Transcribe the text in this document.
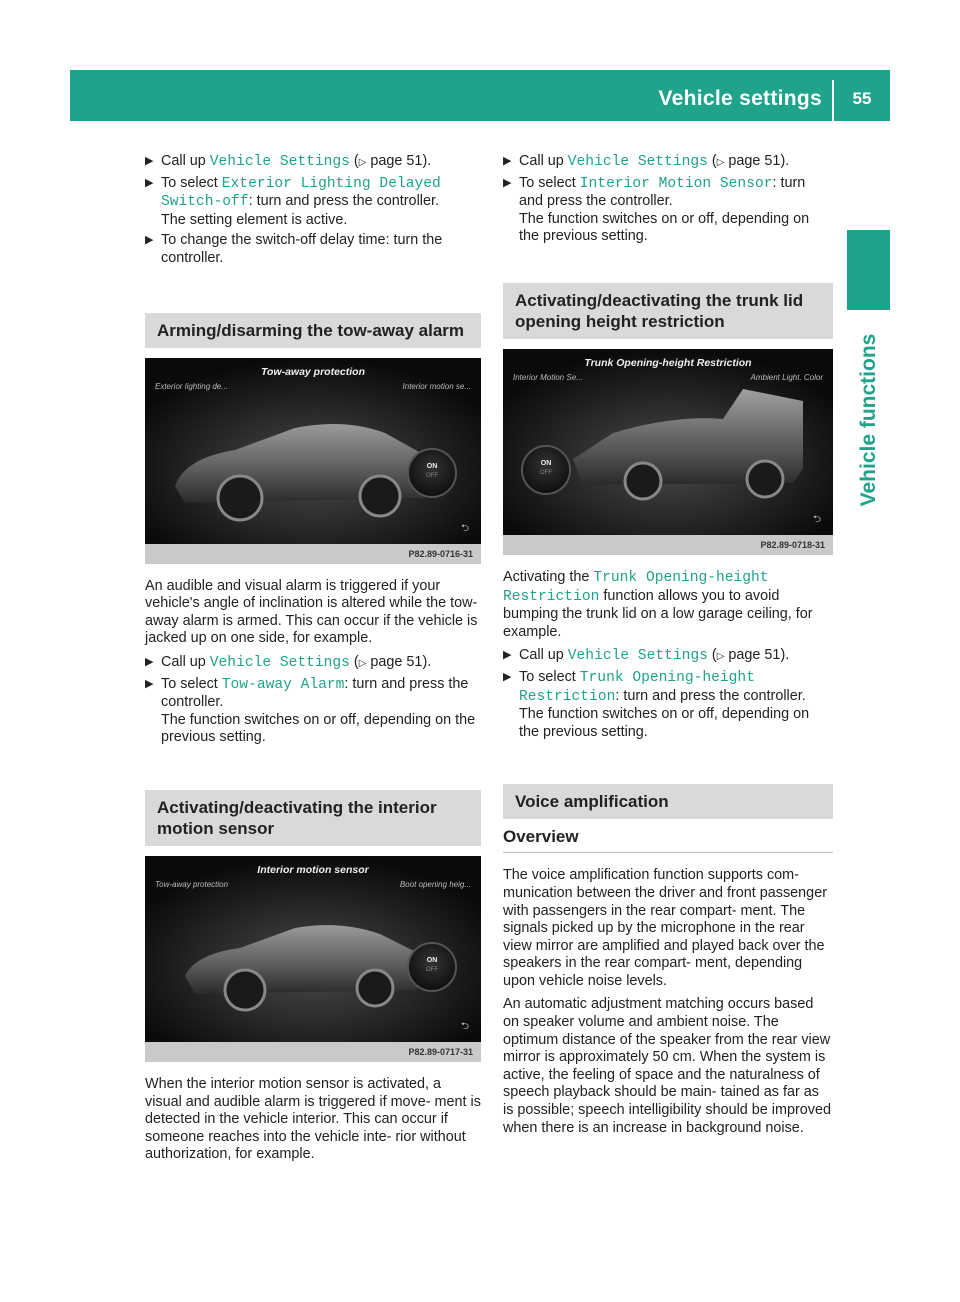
Vehicle settings	55
Vehicle functions

▶ Call up Vehicle Settings (▷ page 51).

▶ To select Exterior Lighting Delayed
Switch-off: turn and press the controller.
The setting element is active.

▶ To change the switch-off delay time: turn the controller.

Arming/disarming the tow-away alarm
Tow-away protection
Exterior lighting de...	Interior motion se...
ON
OFF
⮌
P82.89-0716-31

An audible and visual alarm is triggered if your vehicle's angle of inclination is altered while the tow-away alarm is armed. This can occur if the vehicle is jacked up on one side, for example.

▶ Call up Vehicle Settings (▷ page 51).

▶ To select Tow-away Alarm: turn and press the controller.
The function switches on or off, depending on the previous setting.

Activating/deactivating the interior motion sensor
Interior motion sensor
Tow-away protection	Boot opening heig...
ON
OFF
⮌
P82.89-0717-31

When the interior motion sensor is activated, a visual and audible alarm is triggered if move‐ ment is detected in the vehicle interior. This can occur if someone reaches into the vehicle inte‐ rior without authorization, for example.

▶ Call up Vehicle Settings (▷ page 51).

▶ To select Interior Motion Sensor: turn and press the controller.
The function switches on or off, depending on the previous setting.

Activating/deactivating the trunk lid opening height restriction
Trunk Opening-height Restriction
Interior Motion Se...	Ambient Light. Color
ON
OFF
⮌
P82.89-0718-31

Activating the Trunk Opening-height
Restriction function allows you to avoid bumping the trunk lid on a low garage ceiling, for example.

▶ Call up Vehicle Settings (▷ page 51).

▶ To select Trunk Opening-height
Restriction: turn and press the controller.
The function switches on or off, depending on the previous setting.

Voice amplification
Overview

The voice amplification function supports com‐ munication between the driver and front passenger with passengers in the rear compart‐ ment. The signals picked up by the microphone in the rear view mirror are amplified and played back over the speakers in the rear compart‐ ment, depending upon vehicle noise levels.

An automatic adjustment matching occurs based on speaker volume and ambient noise. The optimum distance of the speaker from the rear view mirror is approximately 50 cm. When the system is active, the feeling of space and the naturalness of speech playback should be main‐ tained as far as is possible; speech intelligibility should be improved when there is an increase in background noise.
